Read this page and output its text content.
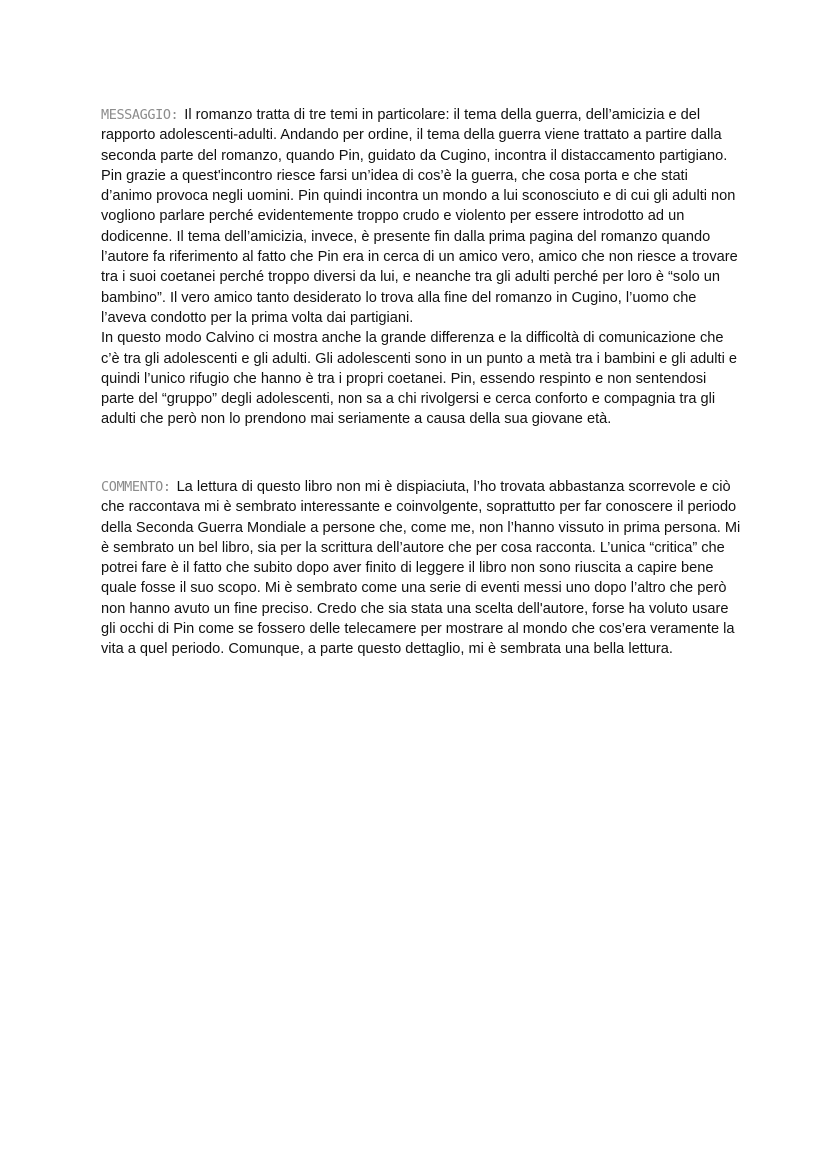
MESSAGGIO: Il romanzo tratta di tre temi in particolare: il tema della guerra, dell’amicizia e del rapporto adolescenti-adulti. Andando per ordine, il tema della guerra viene trattato a partire dalla seconda parte del romanzo, quando Pin, guidato da Cugino, incontra il distaccamento partigiano. Pin grazie a quest'incontro riesce farsi un’idea di cos’è la guerra, che cosa porta e che stati d’animo provoca negli uomini. Pin quindi incontra un mondo a lui sconosciuto e di cui gli adulti non vogliono parlare perché evidentemente troppo crudo e violento per essere introdotto ad un dodicenne. Il tema dell’amicizia, invece, è presente fin dalla prima pagina del romanzo quando l’autore fa riferimento al fatto che Pin era in cerca di un amico vero, amico che non riesce a trovare tra i suoi coetanei perché troppo diversi da lui, e neanche tra gli adulti perché per loro è “solo un bambino”. Il vero amico tanto desiderato lo trova alla fine del romanzo in Cugino, l’uomo che l’aveva condotto per la prima volta dai partigiani.

In questo modo Calvino ci mostra anche la grande differenza e la difficoltà di comunicazione che c’è tra gli adolescenti e gli adulti. Gli adolescenti sono in un punto a metà tra i bambini e gli adulti e quindi l’unico rifugio che hanno è tra i propri coetanei. Pin, essendo respinto e non sentendosi parte del “gruppo” degli adolescenti, non sa a chi rivolgersi e cerca conforto e compagnia tra gli adulti che però non lo prendono mai seriamente a causa della sua giovane età.

COMMENTO: La lettura di questo libro non mi è dispiaciuta, l’ho trovata abbastanza scorrevole e ciò che raccontava mi è sembrato interessante e coinvolgente, soprattutto per far conoscere il periodo della Seconda Guerra Mondiale a persone che, come me, non l’hanno vissuto in prima persona. Mi è sembrato un bel libro, sia per la scrittura dell’autore che per cosa racconta. L’unica “critica” che potrei fare è il fatto che subito dopo aver finito di leggere il libro non sono riuscita a capire bene quale fosse il suo scopo. Mi è sembrato come una serie di eventi messi uno dopo l’altro che però non hanno avuto un fine preciso. Credo che sia stata una scelta dell'autore, forse ha voluto usare gli occhi di Pin come se fossero delle telecamere per mostrare al mondo che cos’era veramente la vita a quel periodo. Comunque, a parte questo dettaglio, mi è sembrata una bella lettura.
